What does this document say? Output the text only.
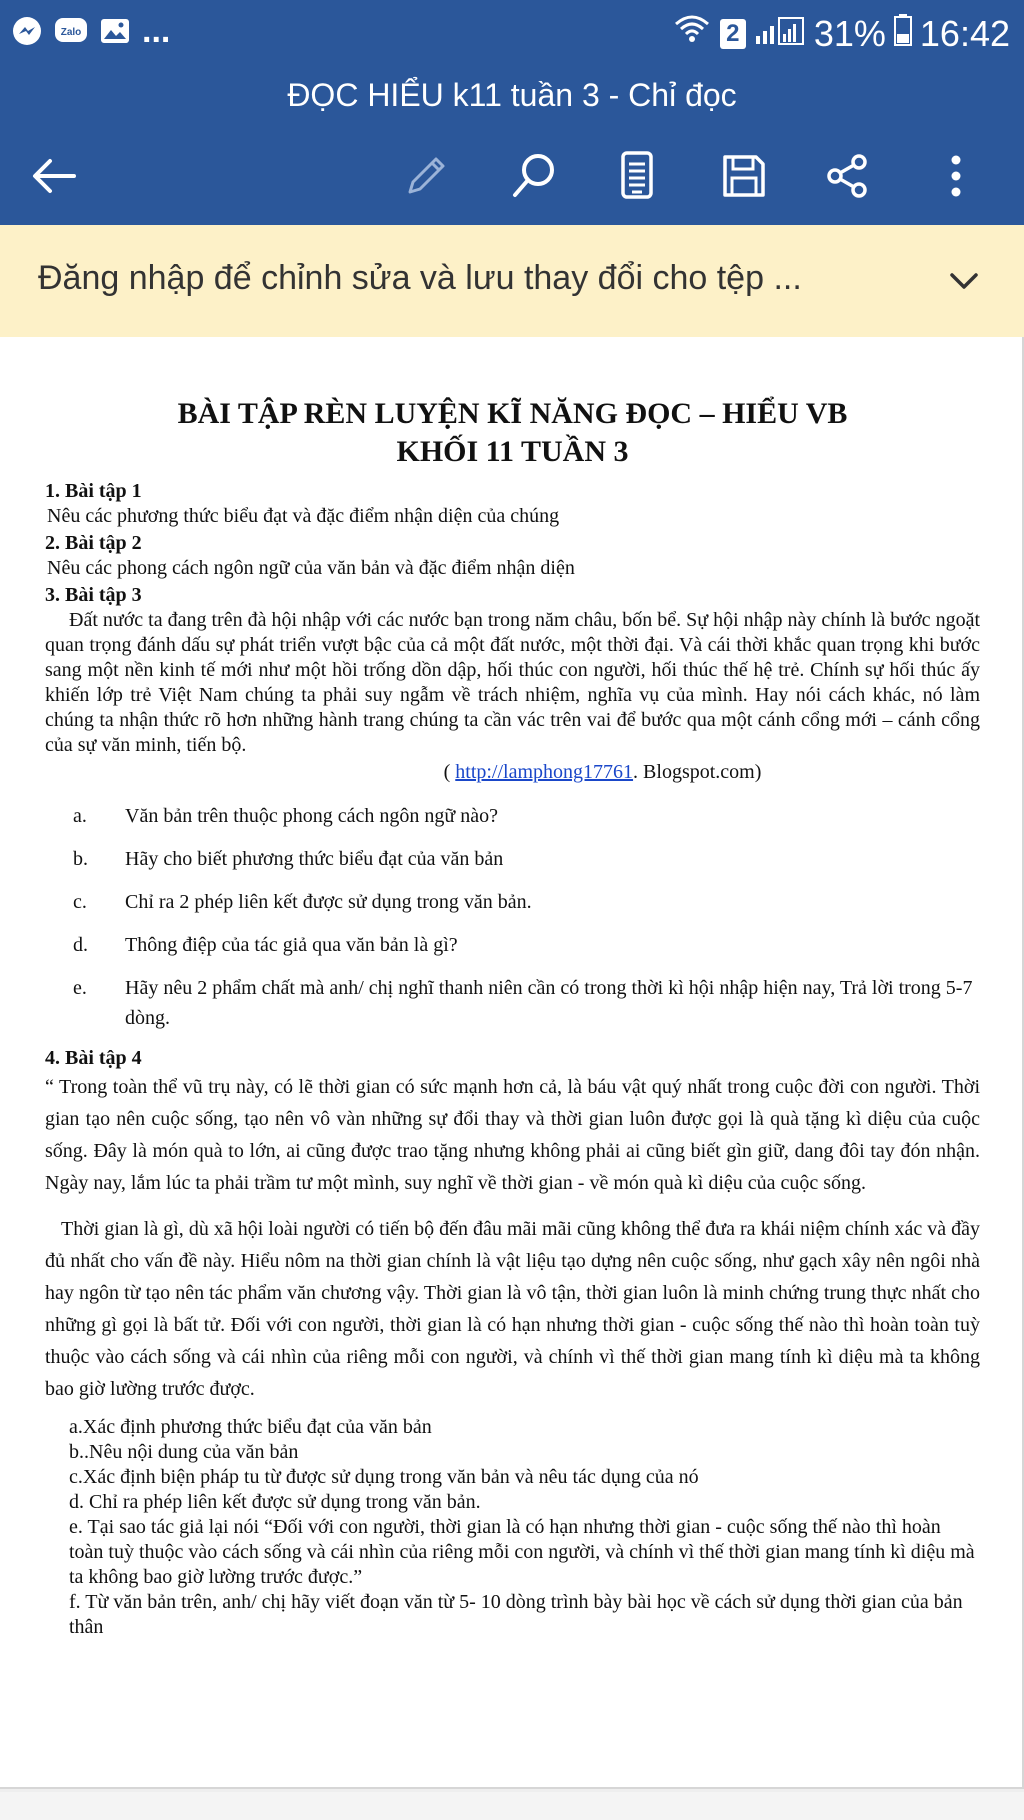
Zalo ...	2 31% 16:42
ĐỌC HIỂU k11 tuần 3 - Chỉ đọc
Đăng nhập để chỉnh sửa và lưu thay đổi cho tệp ...
BÀI TẬP RÈN LUYỆN KĨ NĂNG ĐỌC – HIỂU VB
KHỐI 11 TUẦN 3
1. Bài tập 1
Nêu các phương thức biểu đạt và đặc điểm nhận diện của chúng
2. Bài tập 2
Nêu các phong cách ngôn ngữ của văn bản và đặc điểm nhận diện
3. Bài tập 3
Đất nước ta đang trên đà hội nhập với các nước bạn trong năm châu, bốn bể. Sự hội nhập này chính là bước ngoặt quan trọng đánh dấu sự phát triển vượt bậc của cả một đất nước, một thời đại. Và cái thời khắc quan trọng khi bước sang một nền kinh tế mới như một hồi trống dồn dập, hối thúc con người, hối thúc thế hệ trẻ. Chính sự hối thúc ấy khiến lớp trẻ Việt Nam chúng ta phải suy ngẫm về trách nhiệm, nghĩa vụ của mình. Hay nói cách khác, nó làm chúng ta nhận thức rõ hơn những hành trang chúng ta cần vác trên vai để bước qua một cánh cổng mới – cánh cổng của sự văn minh, tiến bộ.
( http://lamphong17761. Blogspot.com)
a.	Văn bản trên thuộc phong cách ngôn ngữ nào?
b.	Hãy cho biết phương thức biểu đạt của văn bản
c.	Chỉ ra 2 phép liên kết được sử dụng trong văn bản.
d.	Thông điệp của tác giả qua văn bản là gì?
e.	Hãy nêu 2 phẩm chất mà anh/ chị nghĩ thanh niên cần có trong thời kì hội nhập hiện nay, Trả lời trong 5-7 dòng.
4. Bài tập 4
“ Trong toàn thể vũ trụ này, có lẽ thời gian có sức mạnh hơn cả, là báu vật quý nhất trong cuộc đời con người. Thời gian tạo nên cuộc sống, tạo nên vô vàn những sự đổi thay và thời gian luôn được gọi là quà tặng kì diệu của cuộc sống. Đây là món quà to lớn, ai cũng được trao tặng nhưng không phải ai cũng biết gìn giữ, dang đôi tay đón nhận. Ngày nay, lắm lúc ta phải trầm tư một mình, suy nghĩ về thời gian - về món quà kì diệu của cuộc sống.
Thời gian là gì, dù xã hội loài người có tiến bộ đến đâu mãi mãi cũng không thể đưa ra khái niệm chính xác và đầy đủ nhất cho vấn đề này. Hiểu nôm na thời gian chính là vật liệu tạo dựng nên cuộc sống, như gạch xây nên ngôi nhà hay ngôn từ tạo nên tác phẩm văn chương vậy. Thời gian là vô tận, thời gian luôn là minh chứng trung thực nhất cho những gì gọi là bất tử. Đối với con người, thời gian là có hạn nhưng thời gian - cuộc sống thế nào thì hoàn toàn tuỳ thuộc vào cách sống và cái nhìn của riêng mỗi con người, và chính vì thế thời gian mang tính kì diệu mà ta không bao giờ lường trước được.
a.Xác định phương thức biểu đạt của văn bản
b..Nêu nội dung của văn bản
c.Xác định biện pháp tu từ được sử dụng trong văn bản và nêu tác dụng của nó
d. Chỉ ra phép liên kết được sử dụng trong văn bản.
e. Tại sao tác giả lại nói “Đối với con người, thời gian là có hạn nhưng thời gian - cuộc sống thế nào thì hoàn toàn tuỳ thuộc vào cách sống và cái nhìn của riêng mỗi con người, và chính vì thế thời gian mang tính kì diệu mà ta không bao giờ lường trước được.”
f. Từ văn bản trên, anh/ chị hãy viết đoạn văn từ 5- 10 dòng trình bày bài học về cách sử dụng thời gian của bản thân
